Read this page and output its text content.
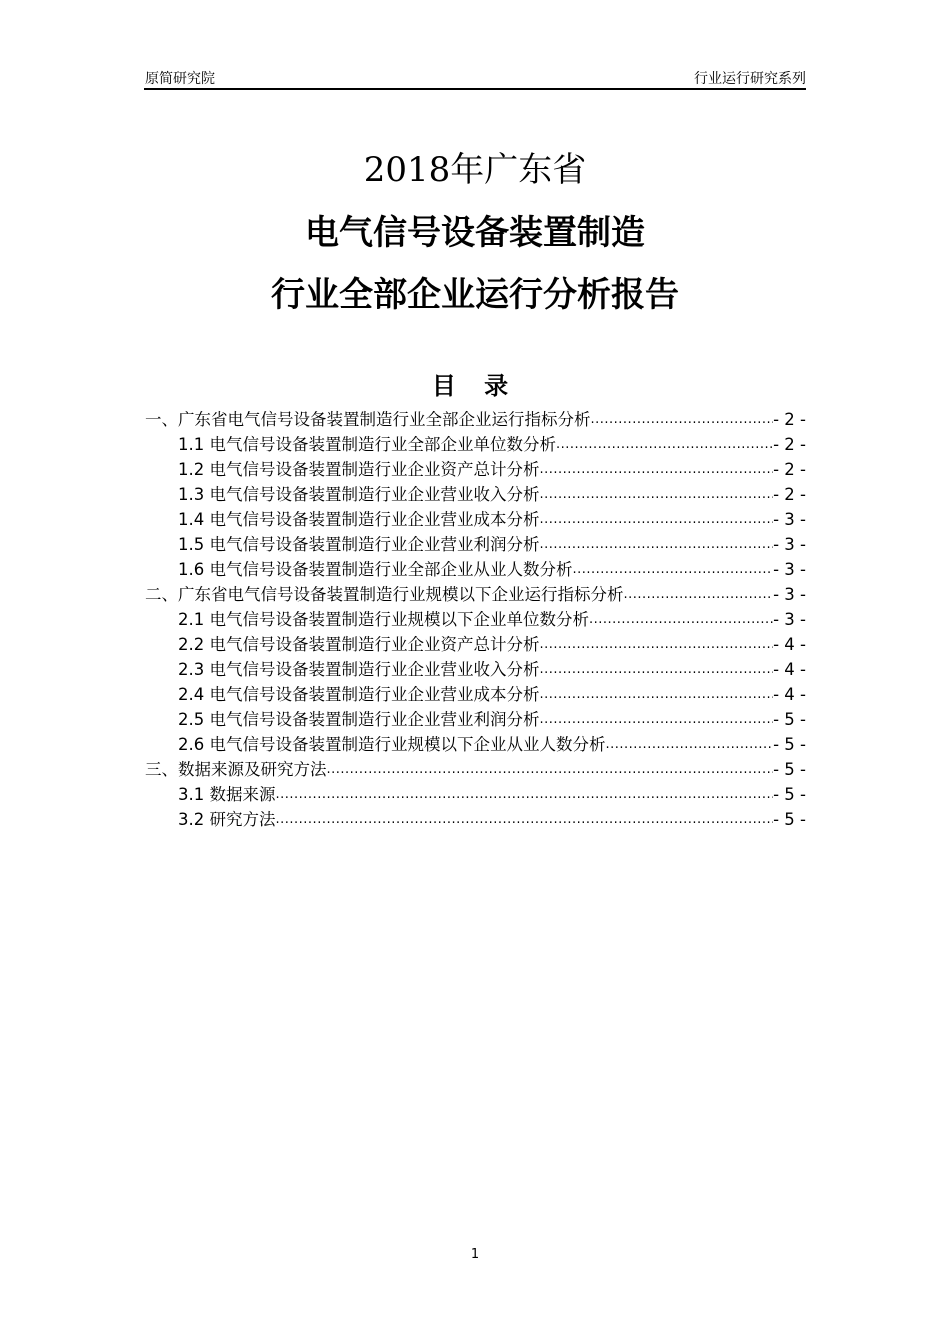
原简研究院	行业运行研究系列
2018年广东省
电气信号设备装置制造
行业全部企业运行分析报告
目 录
一、广东省电气信号设备装置制造行业全部企业运行指标分析 .....	- 2 -
1.1 电气信号设备装置制造行业全部企业单位数分析 .....	- 2 -
1.2 电气信号设备装置制造行业企业资产总计分析 .....	- 2 -
1.3 电气信号设备装置制造行业企业营业收入分析 .....	- 2 -
1.4 电气信号设备装置制造行业企业营业成本分析 .....	- 3 -
1.5 电气信号设备装置制造行业企业营业利润分析 .....	- 3 -
1.6 电气信号设备装置制造行业全部企业从业人数分析 .....	- 3 -
二、广东省电气信号设备装置制造行业规模以下企业运行指标分析 .....	- 3 -
2.1 电气信号设备装置制造行业规模以下企业单位数分析 .....	- 3 -
2.2 电气信号设备装置制造行业企业资产总计分析 .....	- 4 -
2.3 电气信号设备装置制造行业企业营业收入分析 .....	- 4 -
2.4 电气信号设备装置制造行业企业营业成本分析 .....	- 4 -
2.5 电气信号设备装置制造行业企业营业利润分析 .....	- 5 -
2.6 电气信号设备装置制造行业规模以下企业从业人数分析 .....	- 5 -
三、数据来源及研究方法 .....	- 5 -
3.1 数据来源 .....	- 5 -
3.2 研究方法 .....	- 5 -
1
